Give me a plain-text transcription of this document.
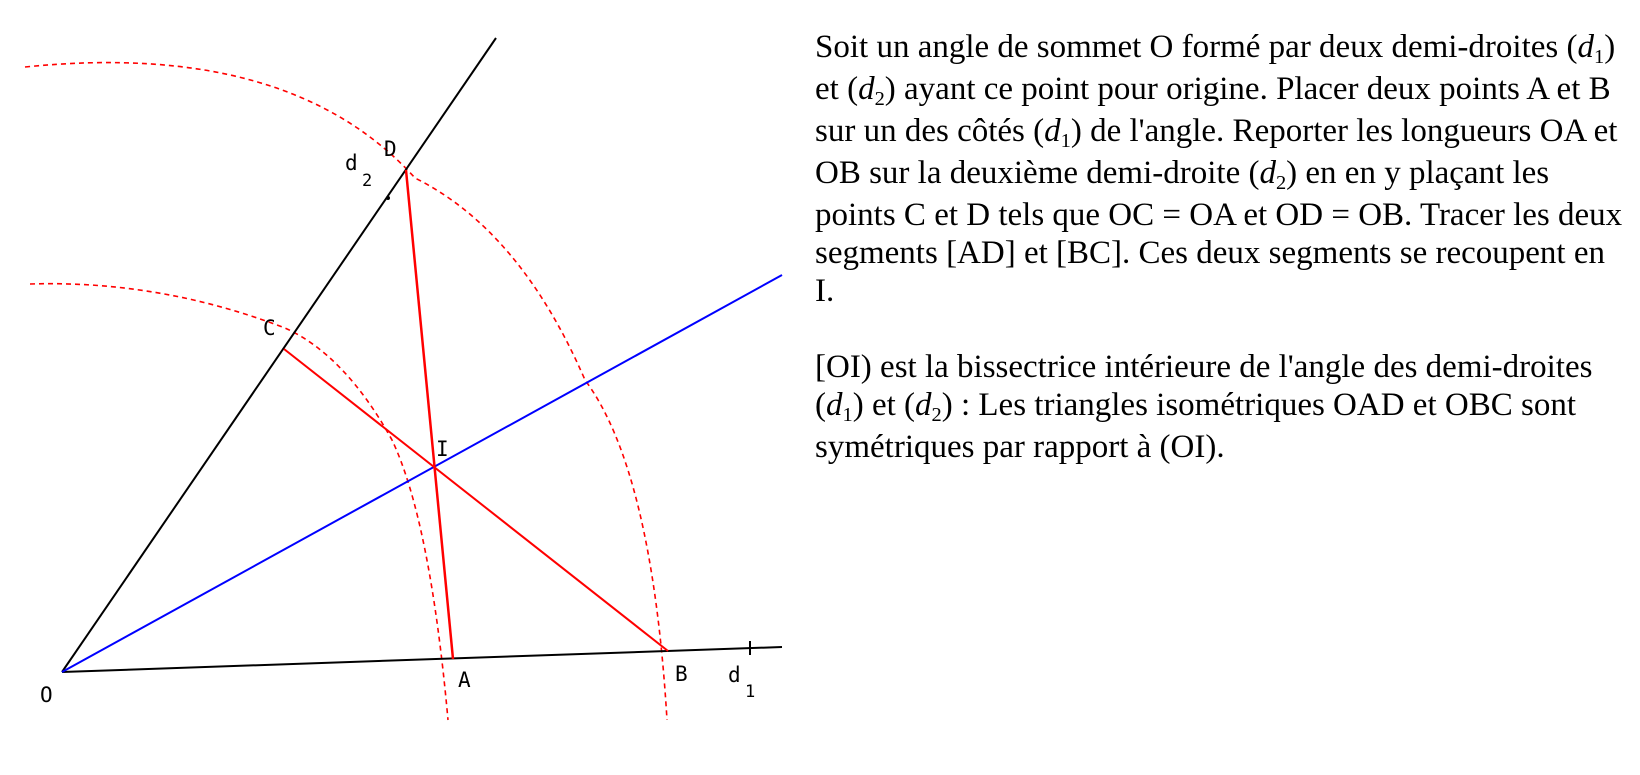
O
A	B
C
D
I
d
1
d
2

Soit un angle de sommet O formé par deux demi-droites $(d_1)$ et $(d_2)$ ayant ce point pour origine. Placer deux points A et B sur un des côtés $(d_1)$ de l'angle. Reporter les longueurs OA et OB sur la deuxième demi-droite $(d_2)$ en en y plaçant les points C et D tels que OC = OA et OD = OB. Tracer les deux segments [AD] et [BC]. Ces deux segments se recoupent en I.

[OI) est la bissectrice intérieure de l'angle des demi-droites $(d_1)$ et $(d_2)$ : Les triangles isométriques OAD et OBC sont symétriques par rapport à (OI).
